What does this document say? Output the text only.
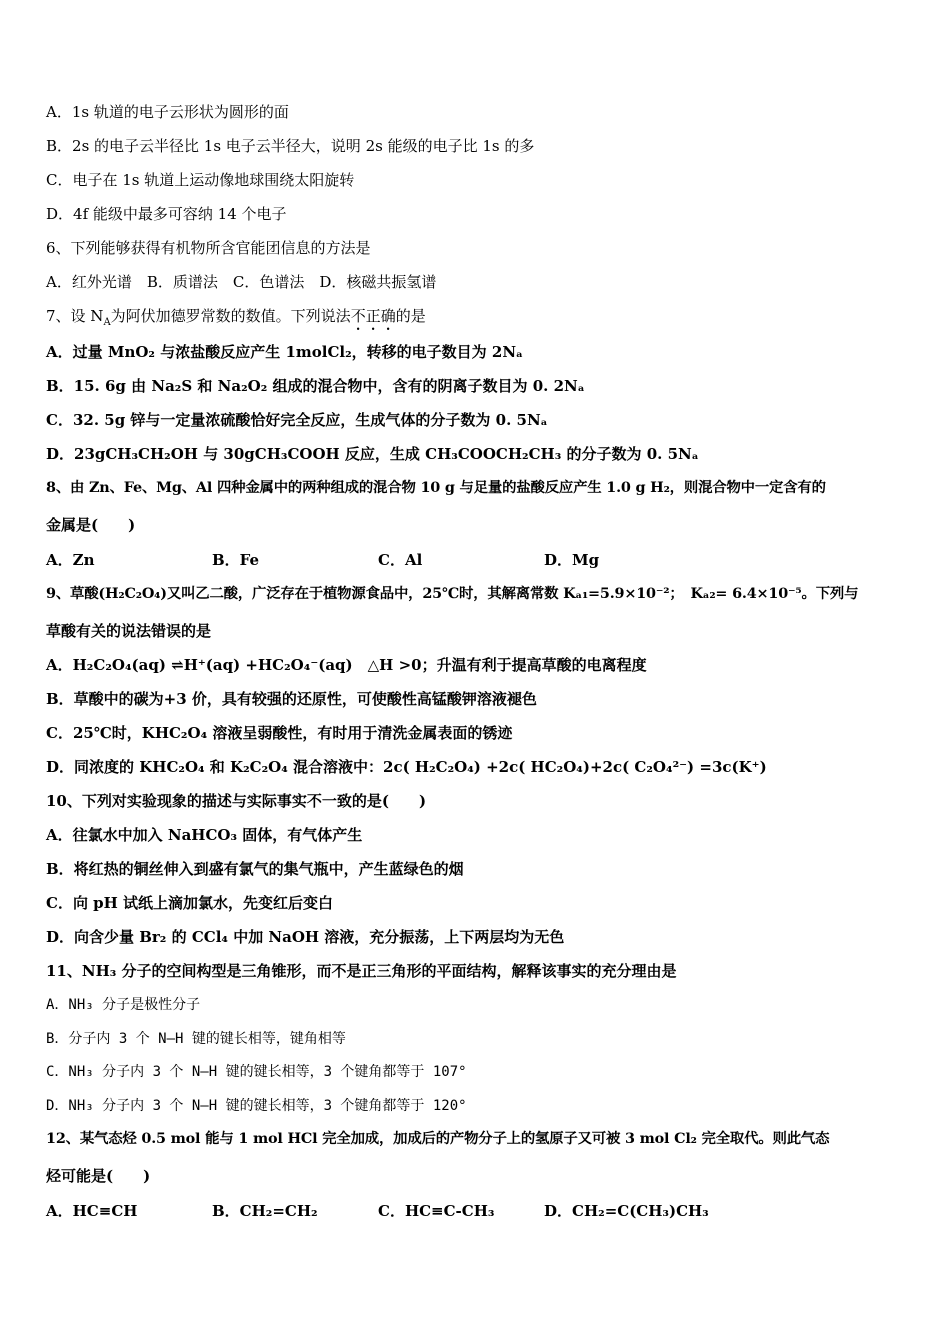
A．1s 轨道的电子云形状为圆形的面
B．2s 的电子云半径比 1s 电子云半径大，说明 2s 能级的电子比 1s 的多
C．电子在 1s 轨道上运动像地球围绕太阳旋转
D．4f 能级中最多可容纳 14 个电子
6、下列能够获得有机物所含官能团信息的方法是
A．红外光谱　B．质谱法　C．色谱法　D．核磁共振氢谱
7、设 $N_A$为阿伏加德罗常数的数值。下列说法不正确的是
A．过量 MnO₂ 与浓盐酸反应产生 1molCl₂，转移的电子数目为 2Nₐ
B．15. 6g 由 Na₂S 和 Na₂O₂ 组成的混合物中，含有的阴离子数目为 0. 2Nₐ
C．32. 5g 锌与一定量浓硫酸恰好完全反应，生成气体的分子数为 0. 5Nₐ
D．23gCH₃CH₂OH 与 30gCH₃COOH 反应，生成 CH₃COOCH₂CH₃ 的分子数为 0. 5Nₐ
8、由 Zn、Fe、Mg、Al 四种金属中的两种组成的混合物 10 g 与足量的盐酸反应产生 1.0 g H₂，则混合物中一定含有的
金属是(　　)
A．Zn	B．Fe	C．Al	D．Mg
9、草酸(H₂C₂O₄)又叫乙二酸，广泛存在于植物源食品中，25℃时，其解离常数 Kₐ₁=5.9×10⁻²；　Kₐ₂= 6.4×10⁻⁵。下列与
草酸有关的说法错误的是
A．H₂C₂O₄(aq) ⇌H⁺(aq) +HC₂O₄⁻(aq)　△H >0；升温有利于提高草酸的电离程度
B．草酸中的碳为+3 价，具有较强的还原性，可使酸性高锰酸钾溶液褪色
C．25℃时，KHC₂O₄ 溶液呈弱酸性，有时用于清洗金属表面的锈迹
D．同浓度的 KHC₂O₄ 和 K₂C₂O₄ 混合溶液中：2c( H₂C₂O₄) +2c( HC₂O₄)+2c( C₂O₄²⁻) =3c(K⁺)
10、下列对实验现象的描述与实际事实不一致的是(　　)
A．往氯水中加入 NaHCO₃ 固体，有气体产生
B．将红热的铜丝伸入到盛有氯气的集气瓶中，产生蓝绿色的烟
C．向 pH 试纸上滴加氯水，先变红后变白
D．向含少量 Br₂ 的 CCl₄ 中加 NaOH 溶液，充分振荡，上下两层均为无色
11、NH₃ 分子的空间构型是三角锥形，而不是正三角形的平面结构，解释该事实的充分理由是
A．NH₃ 分子是极性分子
B．分子内 3 个 N—H 键的键长相等，键角相等
C．NH₃ 分子内 3 个 N—H 键的键长相等，3 个键角都等于 107°
D．NH₃ 分子内 3 个 N—H 键的键长相等，3 个键角都等于 120°
12、某气态烃 0.5 mol 能与 1 mol HCl 完全加成，加成后的产物分子上的氢原子又可被 3 mol Cl₂ 完全取代。则此气态
烃可能是(　　)
A．HC≡CH	B．CH₂=CH₂	C．HC≡C-CH₃	D．CH₂=C(CH₃)CH₃
